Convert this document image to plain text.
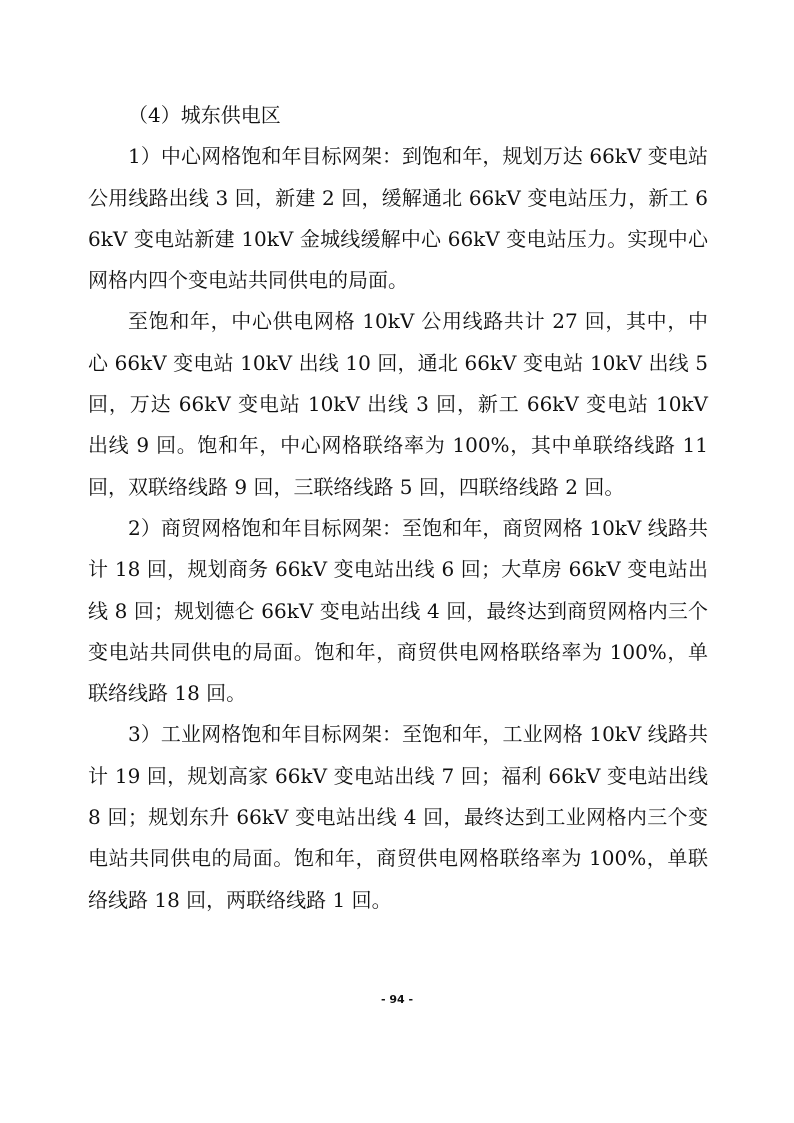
（4）城东供电区

1）中心网格饱和年目标网架：到饱和年，规划万达 66kV 变电站公用线路出线 3 回，新建 2 回，缓解通北 66kV 变电站压力，新工 66kV 变电站新建 10kV 金城线缓解中心 66kV 变电站压力。实现中心网格内四个变电站共同供电的局面。

至饱和年，中心供电网格 10kV 公用线路共计 27 回，其中，中心 66kV 变电站 10kV 出线 10 回，通北 66kV 变电站 10kV 出线 5 回，万达 66kV 变电站 10kV 出线 3 回，新工 66kV 变电站 10kV 出线 9 回。饱和年，中心网格联络率为 100%，其中单联络线路 11 回，双联络线路 9 回，三联络线路 5 回，四联络线路 2 回。

2）商贸网格饱和年目标网架：至饱和年，商贸网格 10kV 线路共计 18 回，规划商务 66kV 变电站出线 6 回；大草房 66kV 变电站出线 8 回；规划德仑 66kV 变电站出线 4 回，最终达到商贸网格内三个变电站共同供电的局面。饱和年，商贸供电网格联络率为 100%，单联络线路 18 回。

3）工业网格饱和年目标网架：至饱和年，工业网格 10kV 线路共计 19 回，规划高家 66kV 变电站出线 7 回；福利 66kV 变电站出线 8 回；规划东升 66kV 变电站出线 4 回，最终达到工业网格内三个变电站共同供电的局面。饱和年，商贸供电网格联络率为 100%，单联络线路 18 回，两联络线路 1 回。

- 94 -
